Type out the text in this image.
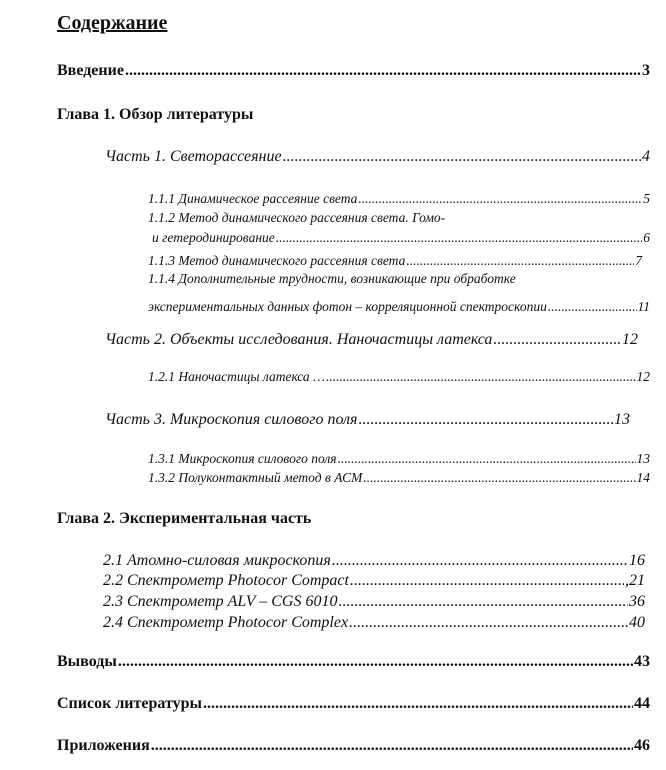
Содержание
Введение .....	3
Глава 1. Обзор литературы
Часть 1. Светорассеяние .....	4
1.1.1 Динамическое рассеяние света .....	5
1.1.2 Метод динамического рассеяния света. Гомо-
и гетеродинирование .....	6
1.1.3 Метод динамического рассеяния света .....	7
1.1.4 Дополнительные трудности, возникающие при обработке
экспериментальных данных фотон – корреляционной спектроскопии .....	11
Часть 2. Объекты исследования. Наночастицы латекса .....	12
1.2.1 Наночастицы латекса … .....	12
Часть 3. Микроскопия силового поля .....	13
1.3.1 Микроскопия силового поля .....	13
1.3.2 Полуконтактный метод в АСМ .....	14
Глава 2. Экспериментальная часть
2.1 Атомно-силовая микроскопия .....	16
2.2 Спектрометр Photocor Compact .....	,21
2.3 Спектрометр ALV – CGS 6010 .....	36
2.4 Спектрометр Photocor Complex .....	40
Выводы .....	43
Список литературы .....	44
Приложения .....	46
